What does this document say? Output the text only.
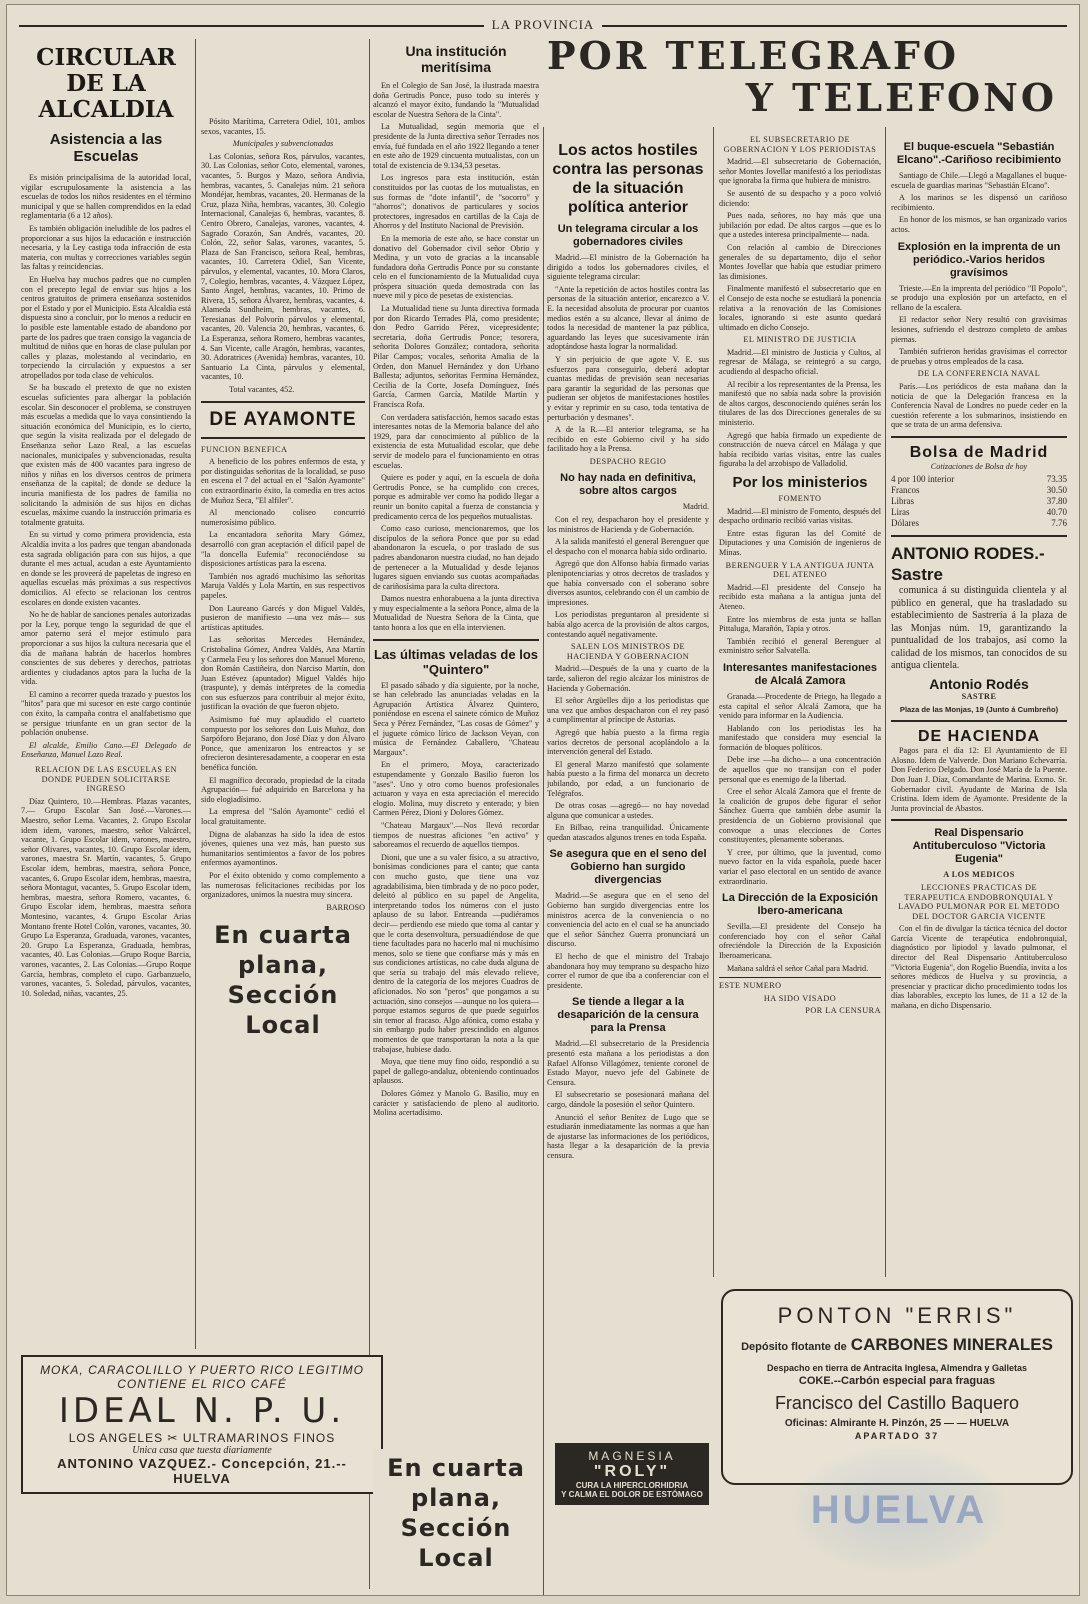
LA PROVINCIA
CIRCULAR DE LA ALCALDIA
Asistencia a las Escuelas

Es misión principalísima de la autoridad local, vigilar escrupulosamente la asistencia a las escuelas de todos los niños residentes en el término municipal y que se hallen comprendidos en la edad reglamentaria (6 a 12 años).

Es también obligación ineludible de los padres el proporcionar a sus hijos la educación e instrucción necesaria, y la Ley castiga toda infracción de esta materia, con multas y correcciones variables según las faltas y reincidencias.

En Huelva hay muchos padres que no cumplen con el precepto legal de enviar sus hijos a los centros gratuitos de primera enseñanza sostenidos por el Estado y por el Municipio. Esta Alcaldía está dispuesta sino a concluir, por lo menos a reducir en lo posible este lamentable estado de abandono por parte de los padres que traen consigo la vagancia de multitud de niños que en horas de clase pululan por calles y plazas, molestando al vecindario, en torpeciendo la circulación y expuestos a ser atropellados por toda clase de vehículos.

Se ha buscado el pretexto de que no existen escuelas suficientes para albergar la población escolar. Sin desconocer el problema, se construyen más escuelas a medida que lo vaya consintiendo la situación económica del Municipio, es lo cierto, que según la visita realizada por el delegado de Enseñanza señor Lazo Real, a las escuelas nacionales, municipales y subvencionadas, resulta que existen más de 400 vacantes para ingreso de niños y niñas en los diversos centros de primera enseñanza de la capital; de donde se deduce la incuria manifiesta de los padres de familia no solicitando la admisión de sus hijos en dichas escuelas, máxime cuando la instrucción primaria es totalmente gratuita.

En su virtud y como primera providencia, esta Alcaldía invita a los padres que tengan abandonada esta sagrada obligación para con sus hijos, a que durante el mes actual, acudan a este Ayuntamiento en donde se les proveerá de papeletas de ingreso en aquellas escuelas más próximas a sus respectivos domicilios. Al efecto se relacionan los centros escolares en donde existen vacantes.

No he de hablar de sanciones penales autorizadas por la Ley, porque tengo la seguridad de que el amor paterno será el mejor estímulo para proporcionar a sus hijos la cultura necesaria que el día de mañana habrán de hacerlos hombres conscientes de sus deberes y derechos, patriotas ardientes y ciudadanos aptos para la lucha de la vida.

El camino a recorrer queda trazado y puestos los "hitos" para que mi sucesor en este cargo continúe con éxito, la campaña contra el analfabetismo que se persigue triunfante en un gran sector de la población onubense.

El alcalde, Emilio Cano.—El Delegado de Enseñanza, Manuel Lazo Real.

RELACION DE LAS ESCUELAS EN DONDE PUEDEN SOLICITARSE INGRESO

Díaz Quintero, 10.—Hembras. Plazas vacantes, 7.— Grupo Escolar San José.—Varones.—Maestro, señor Lema. Vacantes, 2. Grupo Escolar idem idem, varones, maestro, señor Valcárcel, vacante, 1. Grupo Escolar idem, varones, maestro, señor Olivares, vacantes, 10. Grupo Escolar idem, varones, maestra Sr. Martín, vacantes, 5. Grupo Escolar idem, hembras, maestra, señora Ponce, vacantes, 6. Grupo Escolar idem, hembras, maestra, señora Montagut, vacantes, 5. Grupo Escolar idem, hembras, maestra, señora Romero, vacantes, 6. Grupo Escolar idem, hembras, maestra señora Montesino, vacantes, 4. Grupo Escolar Arias Montano frente Hotel Colón, varones, vacantes, 30. Grupo La Esperanza, Graduada, varones, vacantes, 20. Grupo La Esperanza, Graduada, hembras, vacantes, 40. Las Colonias.—Grupo Roque Barcia, varones, vacantes, 2. Las Colonias.—Grupo Roque García, hembras, completo el cupo. Garbanzuelo, varones, vacantes, 5. Soledad, párvulos, vacantes, 10. Soledad, niñas, vacantes, 25.

Pósito Marítima, Carretera Odiel, 101, ambos sexos, vacantes, 15.

Municipales y subvencionadas

Las Colonias, señora Ros, párvulos, vacantes, 30. Las Colonias, señor Coto, elemental, varones, vacantes, 5. Burgos y Mazo, señora Andivia, hembras, vacantes, 5. Canalejas núm. 21 señora Mondéjar, hembras, vacantes, 20. Hermanas de la Cruz, plaza Niña, hembras, vacantes, 30. Colegio Internacional, Canalejas 6, hembras, vacantes, 8. Centro Obrero, Canalejas, varones, vacantes, 4. Sagrado Corazón, San Andrés, vacantes, 20. Colón, 22, señor Salas, varones, vacantes, 5. Plaza de San Francisco, señora Real, hembras, vacantes, 10. Carretera Odiel, San Vicente, párvulos, y elemental, vacantes, 10. Mora Claros, 7, Colegio, hembras, vacantes, 4. Vázquez López, Santo Ángel, hembras, vacantes, 10. Primo de Rivera, 15, señora Álvarez, hembras, vacantes, 4. Alameda Sundheim, hembras, vacantes, 6. Teresianas del Polvorín párvulos y elemental, vacantes, 20. Valencia 20, hembras, vacantes, 6. La Esperanza, señora Romero, hembras vacantes, 4. San Vicente, calle Aragón, hembras, vacantes, 30. Adoratrices (Avenida) hembras, vacantes, 10. Santuario La Cinta, párvulos y elemental, vacantes, 10.

Total vacantes, 452.

DE AYAMONTE

FUNCION BENEFICA

A beneficio de los pobres enfermos de esta, y por distinguidas señoritas de la localidad, se puso en escena el 7 del actual en el "Salón Ayamonte" con extraordinario éxito, la comedia en tres actos de Muñoz Seca, "El alfiler".

Al mencionado coliseo concurrió numerosísimo público.

La encantadora señorita Mary Gómez, desarrolló con gran aceptación el difícil papel de "la doncella Eufemia" reconociéndose su disposiciones artísticas para la escena.

También nos agradó muchísimo las señoritas Maruja Valdés y Lola Martín, en sus respectivos papeles.

Don Laureano Garcés y don Miguel Valdés, pusieron de manifiesto —una vez más— sus artísticas aptitudes.

Las señoritas Mercedes Hernández, Cristobalina Gómez, Andrea Valdés, Ana Martín y Carmela Feu y los señores don Manuel Moreno, don Román Castiñeira, don Narciso Martín, don Juan Estévez (apuntador) Miguel Valdés hijo (traspunte), y demás intérpretes de la comedia con sus esfuerzos para contribuir al mejor éxito, justifican la ovación de que fueron objeto.

Asimismo fué muy aplaudido el cuarteto compuesto por los señores don Luis Muñoz, don Sarpóforo Bejarano, don José Díaz y don Álvaro Ponce, que amenizaron los entreactos y se ofrecieron desinteresadamente, a cooperar en esta benéfica función.

El magnífico decorado, propiedad de la citada Agrupación— fué adquirido en Barcelona y ha sido elogiadísimo.

La empresa del "Salón Ayamonte" cedió el local gratuitamente.

Digna de alabanzas ha sido la idea de estos jóvenes, quienes una vez más, han puesto sus humanitarios sentimientos a favor de los pobres enfermos ayamontinos.

Por el éxito obtenido y como complemento a las numerosas felicitaciones recibidas por los organizadores, unimos la nuestra muy sincera.

BARROSO

En cuarta plana,
Sección Local
MOKA, CARACOLILLO Y PUERTO RICO LEGITIMO
CONTIENE EL RICO CAFÉ
IDEAL N. P. U.
LOS ANGELES ✂ ULTRAMARINOS FINOS
Unica casa que tuesta diariamente
ANTONINO VAZQUEZ.- Concepción, 21.--HUELVA
Una institución meritísima

En el Colegio de San José, la ilustrada maestra doña Gertrudis Ponce, puso todo su interés y alcanzó el mayor éxito, fundando la "Mutualidad escolar de Nuestra Señora de la Cinta".

La Mutualidad, según memoria que el presidente de la Junta directiva señor Terrades nos envía, fué fundada en el año 1922 llegando a tener en este año de 1929 cincuenta mutualistas, con un total de existencia de 9.134,53 pesetas.

Los ingresos para esta institución, están constituidos por las cuotas de los mutualistas, en sus formas de "dote infantil", de "socorro" y "ahorros"; donativos de particulares y socios protectores, ingresados en cartillas de la Caja de Ahorros y del Instituto Nacional de Previsión.

En la memoria de este año, se hace constar un donativo del Gobernador civil señor Obrio y Medina, y un voto de gracias a la incansable fundadora doña Gertrudis Ponce por su constante celo en el funcionamiento de la Mutualidad cuya próspera situación queda demostrada con las nueve mil y pico de pesetas de existencias.

La Mutualidad tiene su Junta directiva formada por don Ricardo Terrades Plá, como presidente; don Pedro Garrido Pérez, vicepresidente; secretaria, doña Gertrudis Ponce; tesorera, señorita Dolores González; contadora, señorita Pilar Campos; vocales, señorita Amalia de la Orden, don Manuel Hernández y don Urbano Ballesta; adjuntos, señoritas Fermina Hernández, Cecilia de la Corte, Josefa Domínguez, Inés García, Carmen García, Matilde Martín y Francisca Rofa.

Con verdadera satisfacción, hemos sacado estas interesantes notas de la Memoria balance del año 1929, para dar conocimiento al público de la existencia de esta Mutualidad escolar, que debe servir de modelo para el funcionamiento en otras escuelas.

Quiere es poder y aquí, en la escuela de doña Gertrudis Ponce, se ha cumplido con creces, porque es admirable ver como ha podido llegar a reunir un bonito capital a fuerza de constancia y predicamento cerca de los pequeños mutualistas.

Como caso curioso, mencionaremos, que los discípulos de la señora Ponce que por su edad abandonaron la escuela, o por traslado de sus padres abandonaron nuestra ciudad, no han dejado de pertenecer a la Mutualidad y desde lejanos lugares siguen enviando sus cuotas acompañadas de cariñosísima para la culta directora.

Damos nuestra enhorabuena a la junta directiva y muy especialmente a la señora Ponce, alma de la Mutualidad de Nuestra Señora de la Cinta, que tanto honra a los que en ella intervienen.

Las últimas veladas de los "Quintero"

El pasado sábado y día siguiente, por la noche, se han celebrado las anunciadas veladas en la Agrupación Artística Álvarez Quintero, poniéndose en escena el sainete cómico de Muñoz Seca y Pérez Fernández, "Las cosas de Gómez" y el juguete cómico lírico de Jackson Veyan, con música de Fernández Caballero, "Chateau Margaux".

En el primero, Moya, caracterizado estupendamente y Gonzalo Basilio fueron los "ases". Uno y otro como buenos profesionales actuaron y vaya en esta apreciación el merecido elogio. Molina, muy discreto y enterado; y bien Carmen Pérez, Dioni y Dolores Gómez.

"Chateau Margaux".—Nos llevó recordar tiempos de nuestras aficiones "en activo" y saboreamos el recuerdo de aquellos tiempos.

Dioni, que une a su valer físico, a su atractivo, bonísimas condiciones para el canto; que canta con mucho gusto, que tiene una voz agradabilísima, bien timbrada y de no poco poder, deleitó al público en su papel de Angelita, interpretando todos los números con el justo aplauso de su labor. Entreanda —pudiéramos decir— perdiendo ese miedo que toma al cantar y que le corta desenvoltura, persuadiéndose de que tiene facultades para no hacerlo mal ni muchísimo menos, solo se tiene que confiarse más y más en sus condiciones artísticas, no cabe duda alguna de que sería su trabajo del más elevado relieve, dentro de la categoría de los mejores Cuadros de aficionados. No son "peros" que pongamos a su actuación, sino consejos —aunque no los quiera— porque estamos seguros de que puede seguirlos sin temor al fracaso. Algo afónica, como estaba y sin embargo pudo haber prescindido en algunos momentos de que transportaran la nota a la que trabajase, hubiese dado.

Moya, que tiene muy fino oído, respondió a su papel de gallego-andaluz, obteniendo continuados aplausos.

Dolores Gómez y Manolo G. Basilio, muy en carácter y satisfaciendo de pleno al auditorio. Molina acertadísimo.

En cuarta plana,
Sección Local
POR TELEGRAFO
Y TELEFONO
Los actos hostiles contra las personas de la situación política anterior
Un telegrama circular a los gobernadores civiles

Madrid.—El ministro de la Gobernación ha dirigido a todos los gobernadores civiles, el siguiente telegrama circular:

"Ante la repetición de actos hostiles contra las personas de la situación anterior, encarezco a V. E. la necesidad absoluta de procurar por cuantos medios estén a su alcance, llevar al ánimo de todos la necesidad de mantener la paz pública, aguardando las leyes que sucesivamente irán adoptándose hasta lograr la normalidad.

Y sin perjuicio de que agote V. E. sus esfuerzos para conseguirlo, deberá adoptar cuantas medidas de previsión sean necesarias para garantir la seguridad de las personas que pudieran ser objetos de manifestaciones hostiles y evitar y reprimir en su caso, toda tentativa de perturbación y desmanes".

A de la R.—El anterior telegrama, se ha recibido en este Gobierno civil y ha sido facilitado hoy a la Prensa.

DESPACHO REGIO

No hay nada en definitiva, sobre altos cargos

Madrid.

Con el rey, despacharon hoy el presidente y los ministros de Hacienda y de Gobernación.

A la salida manifestó el general Berenguer que el despacho con el monarca había sido ordinario.

Agregó que don Alfonso había firmado varias plenipotenciarias y otros decretos de traslados y que había conversado con el soberano sobre diversos asuntos, celebrando con él un cambio de impresiones.

Los periodistas preguntaron al presidente si había algo acerca de la provisión de altos cargos, contestando aquél negativamente.

SALEN LOS MINISTROS DE HACIENDA Y GOBERNACION

Madrid.—Después de la una y cuarto de la tarde, salieron del regio alcázar los ministros de Hacienda y Gobernación.

El señor Argüelles dijo a los periodistas que una vez que ambos despacharon con el rey pasó a cumplimentar al príncipe de Asturias.

Agregó que había puesto a la firma regia varios decretos de personal acoplándolo a la intervención general del Estado.

El general Marzo manifestó que solamente había puesto a la firma del monarca un decreto jubilando, por edad, a un funcionario de Telégrafos.

De otras cosas —agregó— no hay novedad alguna que comunicar a ustedes.

En Bilbao, reina tranquilidad. Únicamente quedan atascados algunos trenes en toda España.

Se asegura que en el seno del Gobierno han surgido divergencias

Madrid.—Se asegura que en el seno del Gobierno han surgido divergencias entre los ministros acerca de la conveniencia o no conveniencia del acto en el cual se ha anunciado que el señor Sánchez Guerra pronunciará un discurso.

El hecho de que el ministro del Trabajo abandonara hoy muy temprano su despacho hizo correr el rumor de que iba a conferenciar con el presidente.

Se tiende a llegar a la desaparición de la censura para la Prensa

Madrid.—El subsecretario de la Presidencia presentó esta mañana a los periodistas a don Rafael Alfonso Villagómez, teniente coronel de Estado Mayor, nuevo jefe del Gabinete de Censura.

El subsecretario se posesionará mañana del cargo, dándole la posesión el señor Quintero.

Anunció el señor Benítez de Lugo que se estudiarán inmediatamente las normas a que han de ajustarse las informaciones de los periódicos, hasta llegar a la desaparición de la previa censura.

MAGNESIA
"ROLY"
CURA LA HIPERCLORHIDRIA
Y CALMA EL DOLOR DE ESTÓMAGO

EL SUBSECRETARIO DE GOBERNACION Y LOS PERIODISTAS

Madrid.—El subsecretario de Gobernación, señor Montes Jovellar manifestó a los periodistas que ignoraba la firma que hubiera de ministro.

Se ausentó de su despacho y a poco volvió diciendo:

Pues nada, señores, no hay más que una jubilación por edad. De altos cargos —que es lo que a ustedes interesa principalmente— nada.

Con relación al cambio de Direcciones generales de su departamento, dijo el señor Montes Jovellar que había que estudiar primero las dimisiones.

Finalmente manifestó el subsecretario que en el Consejo de esta noche se estudiará la ponencia relativa a la renovación de las Comisiones locales, ignorando si este asunto quedará ultimado en dicho Consejo.

EL MINISTRO DE JUSTICIA

Madrid.—El ministro de Justicia y Cultos, al regresar de Málaga, se reintegró a su cargo, acudiendo al despacho oficial.

Al recibir a los representantes de la Prensa, les manifestó que no sabía nada sobre la provisión de altos cargos, desconociendo quiénes serán los titulares de las dos Direcciones generales de su ministerio.

Agregó que había firmado un expediente de construcción de nueva cárcel en Málaga y que había recibido varias visitas, entre las cuales figuraba la del arzobispo de Valladolid.

Por los ministerios

FOMENTO

Madrid.—El ministro de Fomento, después del despacho ordinario recibió varias visitas.

Entre estas figuran las del Comité de Diputaciones y una Comisión de ingenieros de Minas.

BERENGUER Y LA ANTIGUA JUNTA DEL ATENEO

Madrid.—El presidente del Consejo ha recibido esta mañana a la antigua junta del Ateneo.

Entre los miembros de esta junta se hallan Pittaluga, Marañón, Tapia y otros.

También recibió el general Berenguer al exministro señor Salvatella.

Interesantes manifestaciones de Alcalá Zamora

Granada.—Procedente de Priego, ha llegado a esta capital el señor Alcalá Zamora, que ha venido para informar en la Audiencia.

Hablando con los periodistas les ha manifestado que considera muy esencial la formación de bloques políticos.

Debe irse —ha dicho— a una concentración de aquellos que no transijan con el poder personal que es enemigo de la libertad.

Cree el señor Alcalá Zamora que el frente de la coalición de grupos debe figurar el señor Sánchez Guerra que también debe asumir la presidencia de un Gobierno provisional que convoque a unas elecciones de Cortes constituyentes, plenamente soberanas.

Y cree, por último, que la juventud, como nuevo factor en la vida española, puede hacer variar el paso electoral en un sentido de avance extraordinario.

La Dirección de la Exposición Ibero-americana

Sevilla.—El presidente del Consejo ha conferenciado hoy con el señor Cañal ofreciéndole la Dirección de la Exposición Iberoamericana.

Mañana saldrá el señor Cañal para Madrid.

ESTE NUMERO

HA SIDO VISADO

POR LA CENSURA

El buque-escuela "Sebastián Elcano".-Cariñoso recibimiento

Santiago de Chile.—Llegó a Magallanes el buque-escuela de guardias marinas "Sebastián Elcano".

A los marinos se les dispensó un cariñoso recibimiento.

En honor de los mismos, se han organizado varios actos.

Explosión en la imprenta de un periódico.-Varios heridos gravísimos

Trieste.—En la imprenta del periódico "Il Popolo", se produjo una explosión por un artefacto, en el rellano de la escalera.

El redactor señor Nery resultó con gravísimas lesiones, sufriendo el destrozo completo de ambas piernas.

También sufrieron heridas gravísimas el corrector de pruebas y otros empleados de la casa.

DE LA CONFERENCIA NAVAL

París.—Los periódicos de esta mañana dan la noticia de que la Delegación francesa en la Conferencia Naval de Londres no puede ceder en la cuestión referente a los submarinos, insistiendo en que se trata de un arma defensiva.

Bolsa de Madrid

Cotizaciones de Bolsa de hoy

4 por 100 interior	73.35
Francos	30.50
Libras	37.80
Liras	40.70
Dólares	7.76
ANTONIO RODES.-Sastre

comunica á su distinguida clientela y al público en general, que ha trasladado su establecimiento de Sastrería á la plaza de las Monjas núm. 19, garantizando la puntualidad de los trabajos, así como la calidad de los mismos, tan conocidos de su antigua clientela.

Antonio Rodés

SASTRE

Plaza de las Monjas, 19 (Junto á Cumbreño)

DE HACIENDA

Pagos para el día 12: El Ayuntamiento de El Alosno. Idem de Valverde. Don Mariano Echevarría. Don Federico Delgado. Don José María de la Puente. Don Juan J. Díaz, Comandante de Marina. Exmo. Sr. Gobernador civil. Ayudante de Marina de Isla Cristina. Idem idem de Ayamonte. Presidente de la Junta provincial de Abastos.

Real Dispensario Antituberculoso "Victoria Eugenia"

A LOS MEDICOS

LECCIONES PRACTICAS DE TERAPEUTICA ENDOBRONQUIAL Y LAVADO PULMONAR POR EL METODO DEL DOCTOR GARCIA VICENTE

Con el fin de divulgar la táctica técnica del doctor García Vicente de terapéutica endobronquial, diagnóstico por lipiodol y lavado pulmonar, el director del Real Dispensario Antituberculoso "Victoria Eugenia", don Rogelio Buendía, invita a los señores médicos de Huelva y su provincia, a presenciar y practicar dicho procedimiento todos los días laborables, excepto los lunes, de 11 a 12 de la mañana, en dicho Dispensario.

PONTON "ERRIS"
Depósito flotante de CARBONES MINERALES
Despacho en tierra de Antracita Inglesa, Almendra y Galletas
COKE.--Carbón especial para fraguas
Francisco del Castillo Baquero
Oficinas: Almirante H. Pinzón, 25 — — HUELVA
APARTADO 37
HUELVA
